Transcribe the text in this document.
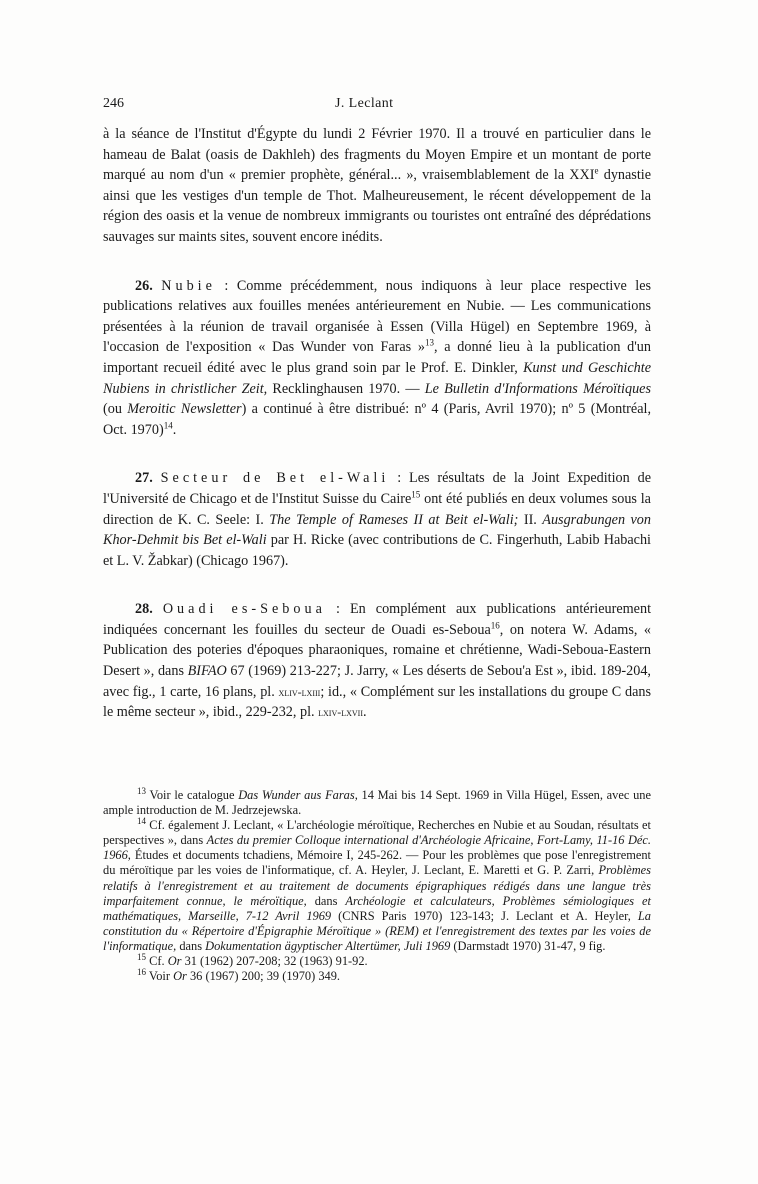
246	J. Leclant

à la séance de l'Institut d'Égypte du lundi 2 Février 1970. Il a trouvé en particulier dans le hameau de Balat (oasis de Dakhleh) des fragments du Moyen Empire et un montant de porte marqué au nom d'un « premier prophète, général... », vraisemblablement de la XXIe dynastie ainsi que les vestiges d'un temple de Thot. Malheureusement, le récent développement de la région des oasis et la venue de nombreux immigrants ou touristes ont entraîné des déprédations sauvages sur maints sites, souvent encore inédits.

26. Nubie : Comme précédemment, nous indiquons à leur place respective les publications relatives aux fouilles menées antérieurement en Nubie. — Les communications présentées à la réunion de travail organisée à Essen (Villa Hügel) en Septembre 1969, à l'occasion de l'exposition « Das Wunder von Faras »$^{13}$, a donné lieu à la publication d'un important recueil édité avec le plus grand soin par le Prof. E. Dinkler, Kunst und Geschichte Nubiens in christlicher Zeit, Recklinghausen 1970. — Le Bulletin d'Informations Méroïtiques (ou Meroitic Newsletter) a continué à être distribué: nº 4 (Paris, Avril 1970); nº 5 (Montréal, Oct. 1970)$^{14}$.

27. Secteur de Bet el-Wali : Les résultats de la Joint Expedition de l'Université de Chicago et de l'Institut Suisse du Caire$^{15}$ ont été publiés en deux volumes sous la direction de K. C. Seele: I. The Temple of Rameses II at Beit el-Wali; II. Ausgrabungen von Khor-Dehmit bis Bet el-Wali par H. Ricke (avec contributions de C. Fingerhuth, Labib Habachi et L. V. Žabkar) (Chicago 1967).

28. Ouadi es-Seboua : En complément aux publications antérieurement indiquées concernant les fouilles du secteur de Ouadi es-Seboua$^{16}$, on notera W. Adams, « Publication des poteries d'époques pharaoniques, romaine et chrétienne, Wadi-Seboua-Eastern Desert », dans BIFAO 67 (1969) 213-227; J. Jarry, « Les déserts de Sebou'a Est », ibid. 189-204, avec fig., 1 carte, 16 plans, pl. xliv-lxiii; id., « Complément sur les installations du groupe C dans le même secteur », ibid., 229-232, pl. lxiv-lxvii.

$^{13}$ Voir le catalogue Das Wunder aus Faras, 14 Mai bis 14 Sept. 1969 in Villa Hügel, Essen, avec une ample introduction de M. Jedrzejewska.

$^{14}$ Cf. également J. Leclant, « L'archéologie méroïtique, Recherches en Nubie et au Soudan, résultats et perspectives », dans Actes du premier Colloque international d'Archéologie Africaine, Fort-Lamy, 11-16 Déc. 1966, Études et documents tchadiens, Mémoire I, 245-262. — Pour les problèmes que pose l'enregistrement du méroïtique par les voies de l'informatique, cf. A. Heyler, J. Leclant, E. Maretti et G. P. Zarri, Problèmes relatifs à l'enregistrement et au traitement de documents épigraphiques rédigés dans une langue très imparfaitement connue, le méroïtique, dans Archéologie et calculateurs, Problèmes sémiologiques et mathématiques, Marseille, 7-12 Avril 1969 (CNRS Paris 1970) 123-143; J. Leclant et A. Heyler, La constitution du « Répertoire d'Épigraphie Méroïtique » (REM) et l'enregistrement des textes par les voies de l'informatique, dans Dokumentation ägyptischer Altertümer, Juli 1969 (Darmstadt 1970) 31-47, 9 fig.

$^{15}$ Cf. Or 31 (1962) 207-208; 32 (1963) 91-92.

$^{16}$ Voir Or 36 (1967) 200; 39 (1970) 349.
